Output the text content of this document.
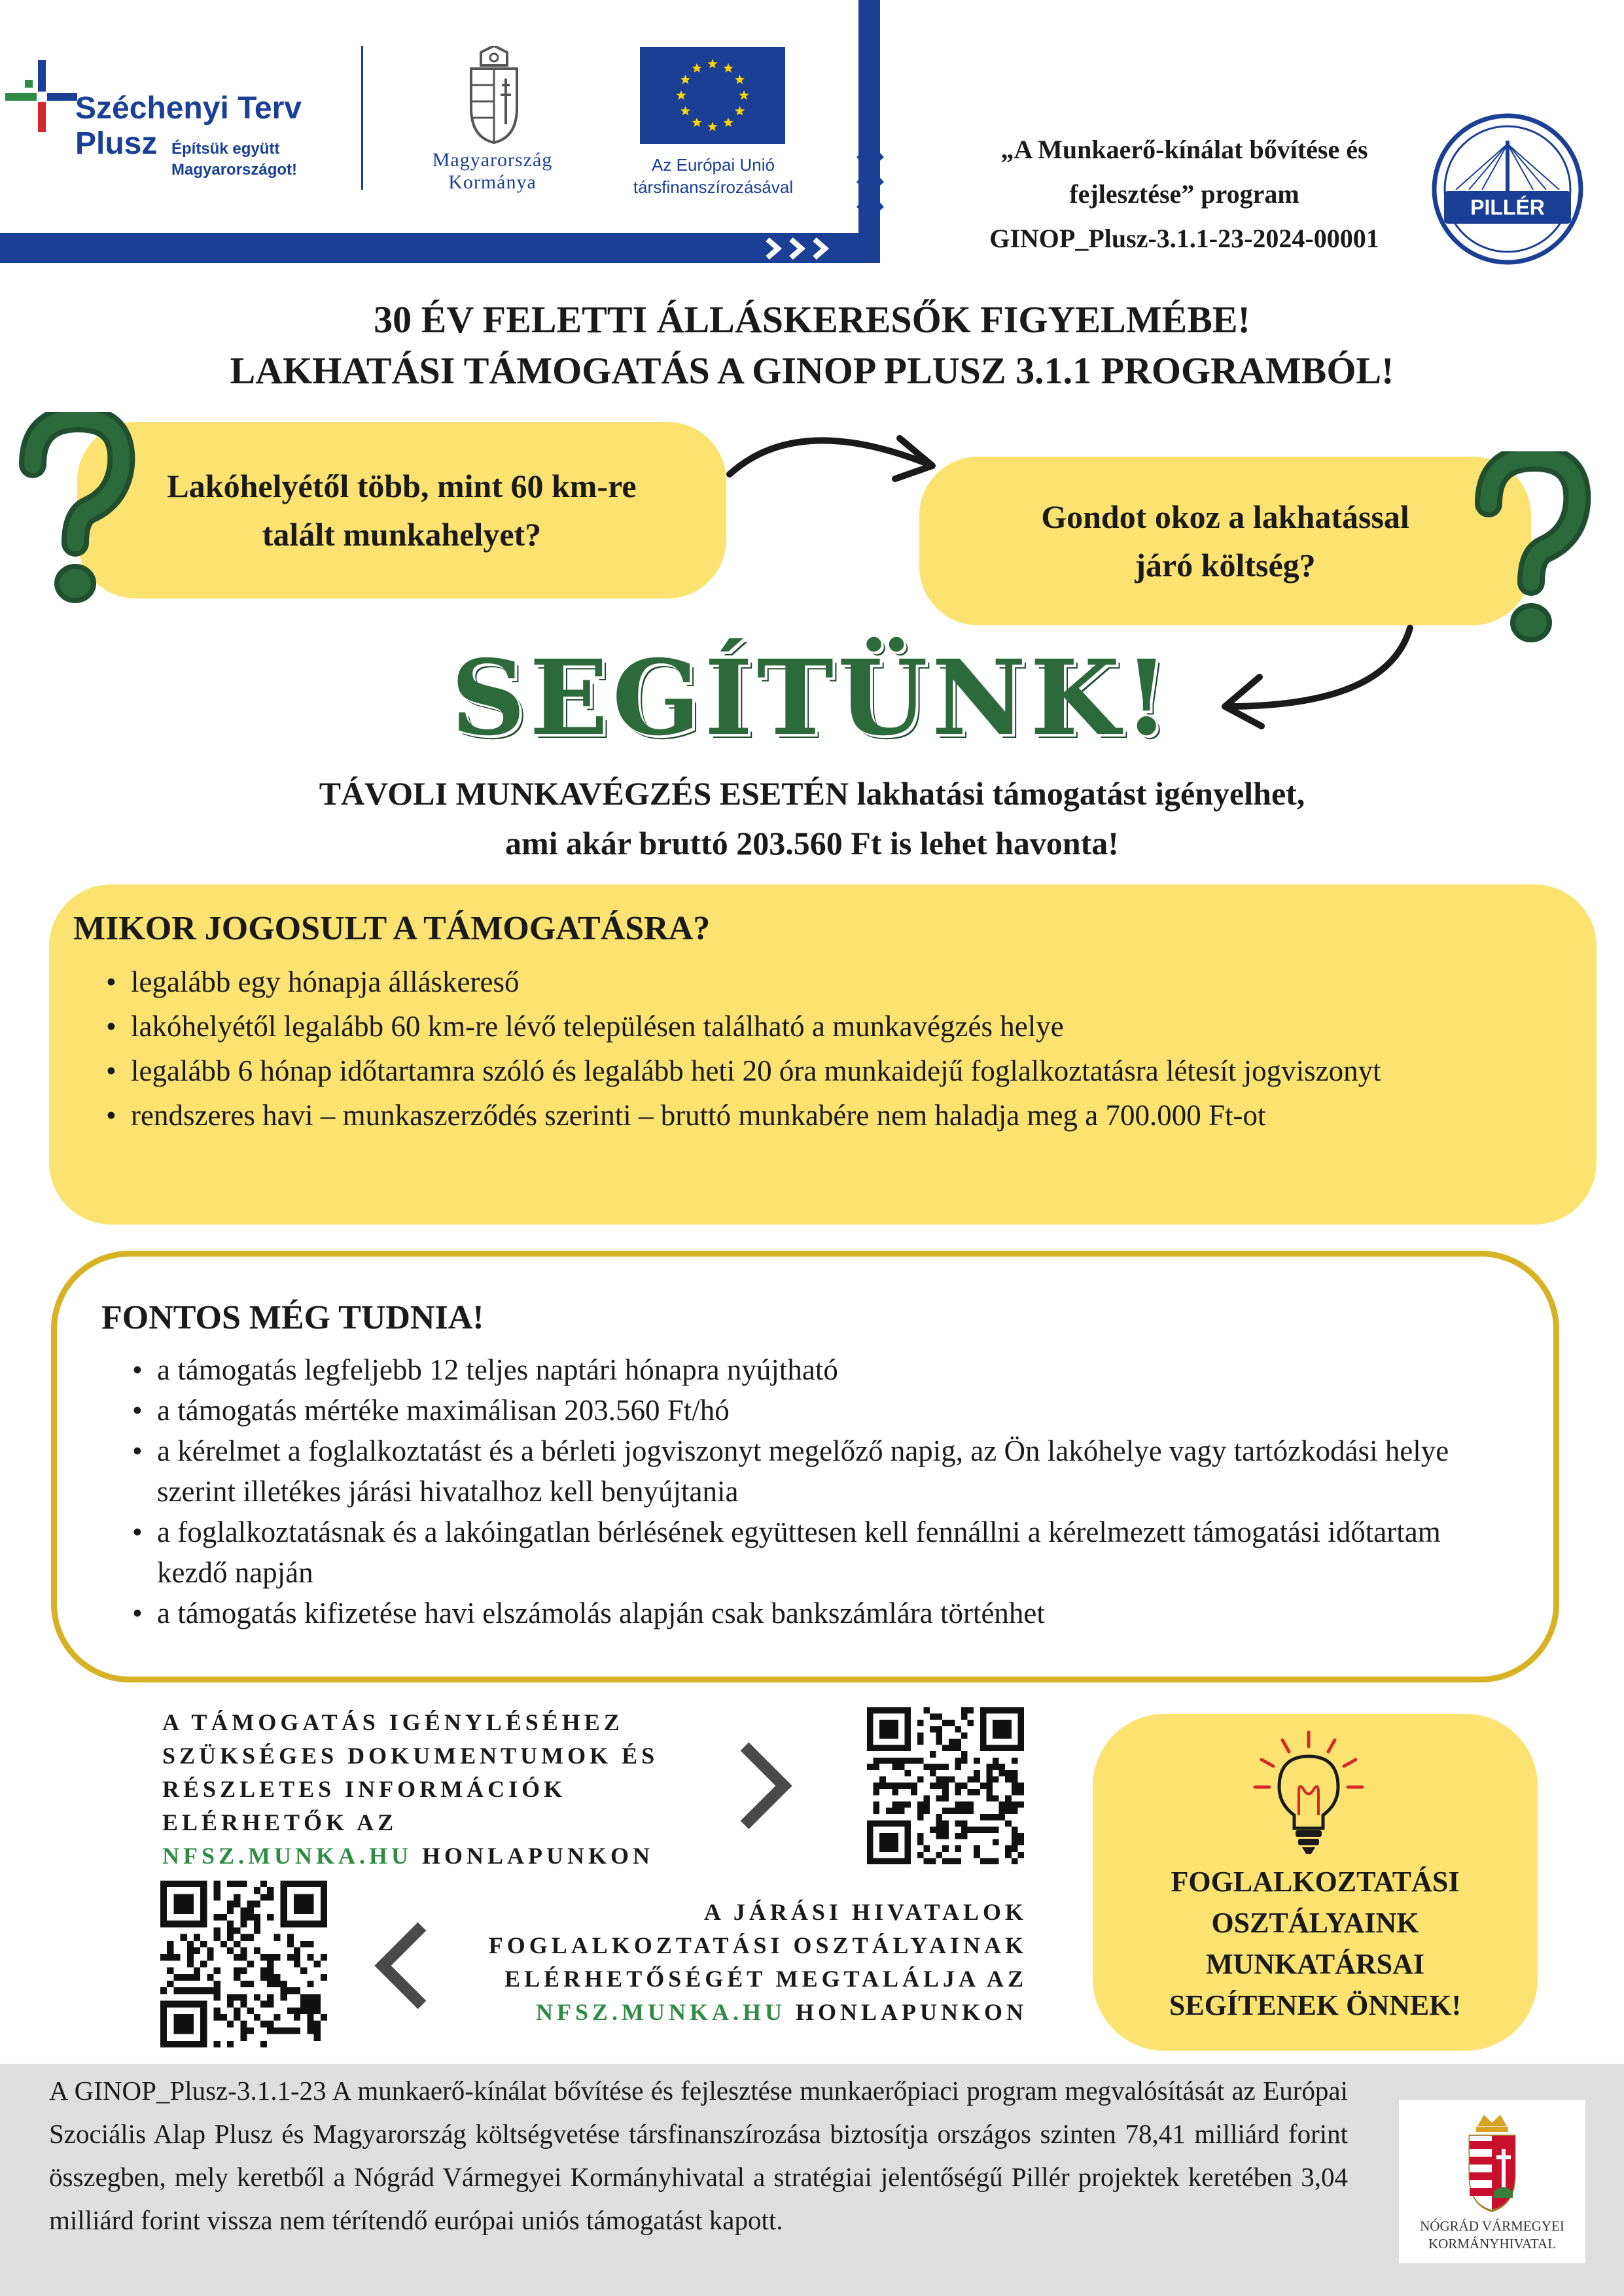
Széchenyi Terv
Plusz Építsük együtt
Magyarországot!	Magyarország
Kormánya
Az Európai Unió
társfinanszírozásával
„A Munkaerő-kínálat bővítése és
fejlesztése” program
GINOP_Plusz-3.1.1-23-2024-00001
PILLÉR
30 ÉV FELETTI ÁLLÁSKERESŐK FIGYELMÉBE!
LAKHATÁSI TÁMOGATÁS A GINOP PLUSZ 3.1.1 PROGRAMBÓL!
Lakóhelyétől több, mint 60 km-re
talált munkahelyet?	Gondot okoz a lakhatással
járó költség?
SEGÍTÜNK!
TÁVOLI MUNKAVÉGZÉS ESETÉN lakhatási támogatást igényelhet,
ami akár bruttó 203.560 Ft is lehet havonta!
MIKOR JOGOSULT A TÁMOGATÁSRA?
• legalább egy hónapja álláskereső
• lakóhelyétől legalább 60 km-re lévő településen található a munkavégzés helye
• legalább 6 hónap időtartamra szóló és legalább heti 20 óra munkaidejű foglalkoztatásra létesít jogviszonyt
• rendszeres havi – munkaszerződés szerinti – bruttó munkabére nem haladja meg a 700.000 Ft-ot
FONTOS MÉG TUDNIA!
• a támogatás legfeljebb 12 teljes naptári hónapra nyújtható
• a támogatás mértéke maximálisan 203.560 Ft/hó
• a kérelmet a foglalkoztatást és a bérleti jogviszonyt megelőző napig, az Ön lakóhelye vagy tartózkodási helye szerint illetékes járási hivatalhoz kell benyújtania
• a foglalkoztatásnak és a lakóingatlan bérlésének együttesen kell fennállni a kérelmezett támogatási időtartam kezdő napján
• a támogatás kifizetése havi elszámolás alapján csak bankszámlára történhet
A TÁMOGATÁS IGÉNYLÉSÉHEZ
SZÜKSÉGES DOKUMENTUMOK ÉS
RÉSZLETES INFORMÁCIÓK
ELÉRHETŐK AZ
NFSZ.MUNKA.HU HONLAPUNKON
A JÁRÁSI HIVATALOK
FOGLALKOZTATÁSI OSZTÁLYAINAK
ELÉRHETŐSÉGÉT MEGTALÁLJA AZ
NFSZ.MUNKA.HU HONLAPUNKON
FOGLALKOZTATÁSI
OSZTÁLYAINK
MUNKATÁRSAI
SEGÍTENEK ÖNNEK!
A GINOP_Plusz-3.1.1-23 A munkaerő-kínálat bővítése és fejlesztése munkaerőpiaci program megvalósítását az Európai Szociális Alap Plusz és Magyarország költségvetése társfinanszírozása biztosítja országos szinten 78,41 milliárd forint összegben, mely keretből a Nógrád Vármegyei Kormányhivatal a stratégiai jelentőségű Pillér projektek keretében 3,04 milliárd forint vissza nem térítendő európai uniós támogatást kapott.	NÓGRÁD VÁRMEGYEI
KORMÁNYHIVATAL
